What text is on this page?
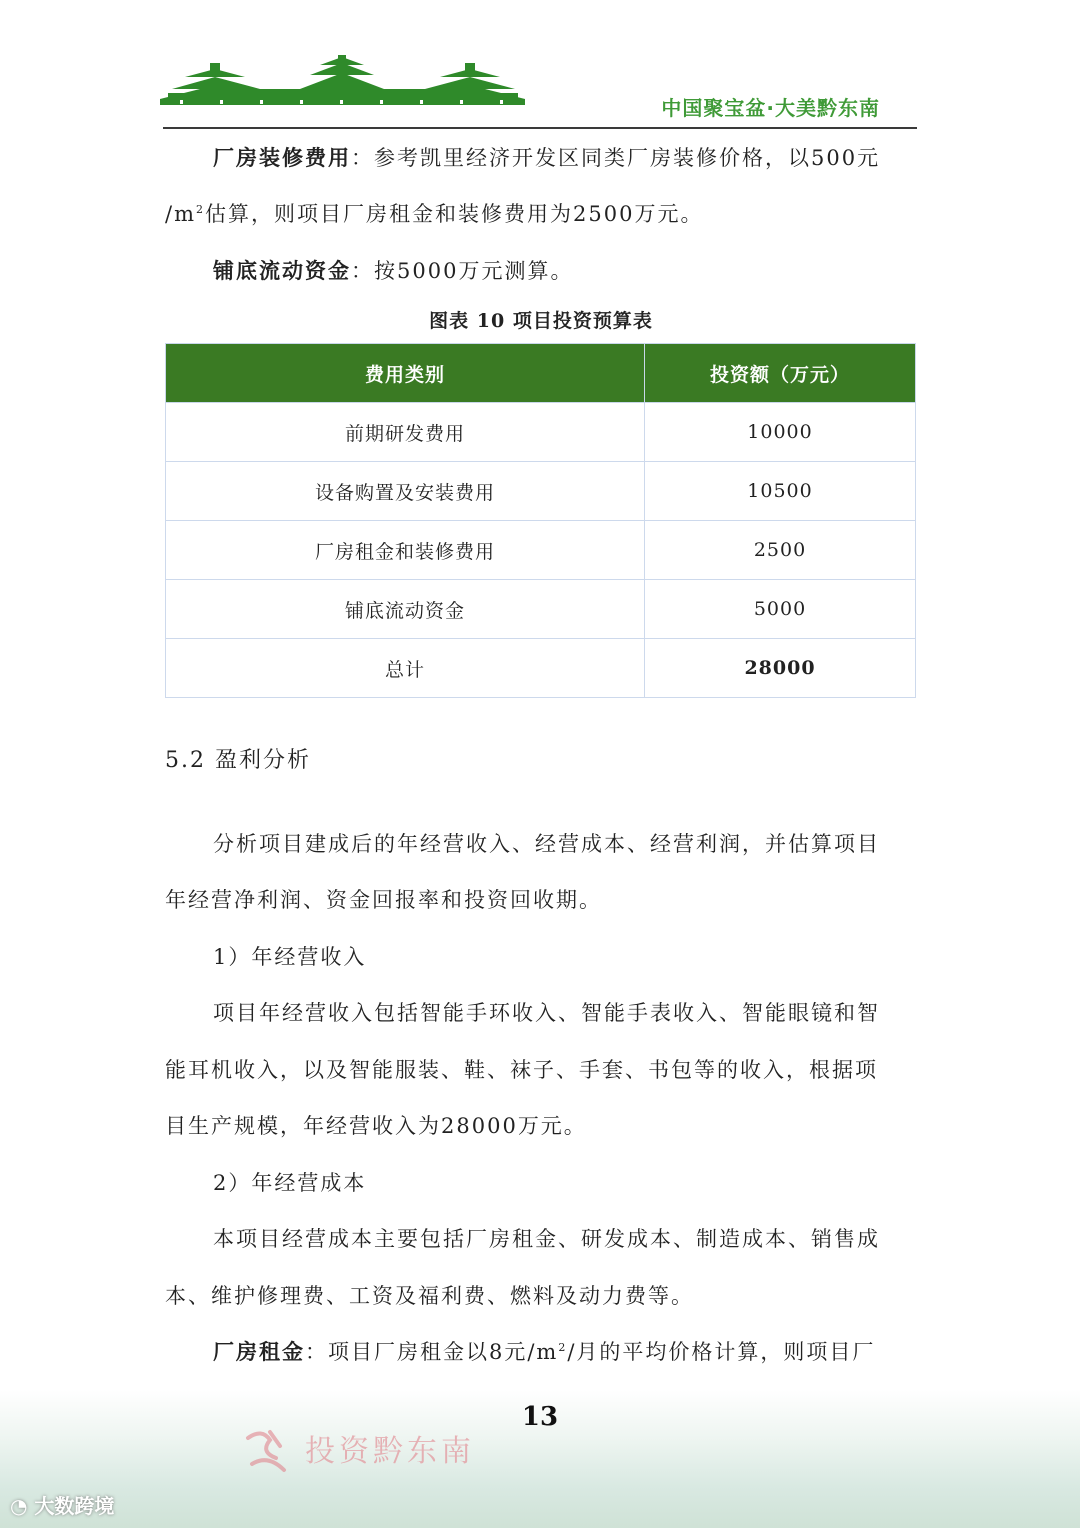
中国聚宝盆·大美黔东南

厂房装修费用：参考凯里经济开发区同类厂房装修价格，以500元

$/m^2$估算，则项目厂房租金和装修费用为2500万元。

铺底流动资金：按5000万元测算。

图表 10 项目投资预算表
费用类别	投资额（万元）
前期研发费用	10000
设备购置及安装费用	10500
厂房租金和装修费用	2500
铺底流动资金	5000
总计	28000
5.2 盈利分析

分析项目建成后的年经营收入、经营成本、经营利润，并估算项目

年经营净利润、资金回报率和投资回收期。

1）年经营收入

项目年经营收入包括智能手环收入、智能手表收入、智能眼镜和智

能耳机收入，以及智能服装、鞋、袜子、手套、书包等的收入，根据项

目生产规模，年经营收入为28000万元。

2）年经营成本

本项目经营成本主要包括厂房租金、研发成本、制造成本、销售成

本、维护修理费、工资及福利费、燃料及动力费等。

厂房租金：项目厂房租金以8元$/m^2/$月的平均价格计算，则项目厂

投资黔东南
13
◔ 大数跨境
